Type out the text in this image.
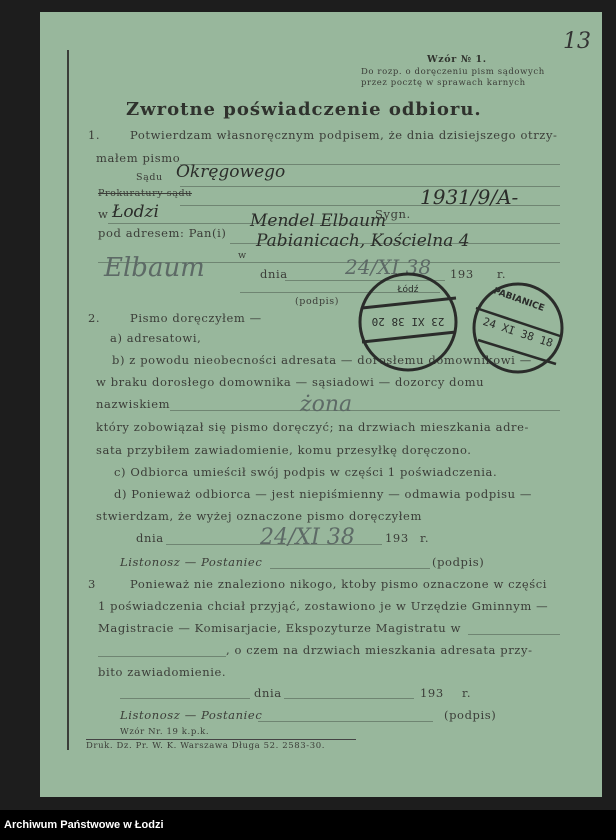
Wzór № 1.
Do rozp. o doręczeniu pism sądowych
przez pocztę w sprawach karnych
13
Zwrotne poświadczenie odbioru.
1.	Potwierdzam własnoręcznym podpisem, że dnia dzisiejszego otrzy-
małem pismo
Sądu
Prokuratury sądu
w	Sygn.
pod adresem: Pan(i)
w
dnia	193 r.
(podpis)
Okręgowego
Łodzi
1931/9/A-
Mendel Elbaum
Pabianicach, Kościelna 4
Elbaum	24/XI 38
2.	Pismo doręczyłem —
a) adresatowi,
b) z powodu nieobecności adresata — dorosłemu domownikowi —
w braku dorosłego domownika — sąsiadowi — dozorcy domu
nazwiskiem	żona
który zobowiązał się pismo doręczyć; na drzwiach mieszkania adre-
sata przybiłem zawiadomienie, komu przesyłkę doręczono.
c) Odbiorca umieścił swój podpis w części 1 poświadczenia.
d) Ponieważ odbiorca — jest niepiśmienny — odmawia podpisu —
stwierdzam, że wyżej oznaczone pismo doręczyłem
dnia	193 r.
24/XI 38
Listonosz — Postaniec	(podpis)
3	Ponieważ nie znaleziono nikogo, ktoby pismo oznaczone w części
1 poświadczenia chciał przyjąć, zostawiono je w Urzędzie Gminnym —
Magistracie — Komisarjacie, Ekspozyturze Magistratu w
, o czem na drzwiach mieszkania adresata przy-
bito zawiadomienie.
dnia	193 r.
Listonosz — Postaniec	(podpis)
Wzór Nr. 19 k.p.k.
Druk. Dz. Pr. W. K. Warszawa Długa 52. 2583-30.
Łódź
23 XI 38 20
PABIANICE
24 XI 38 18
Archiwum Państwowe w Łodzi
